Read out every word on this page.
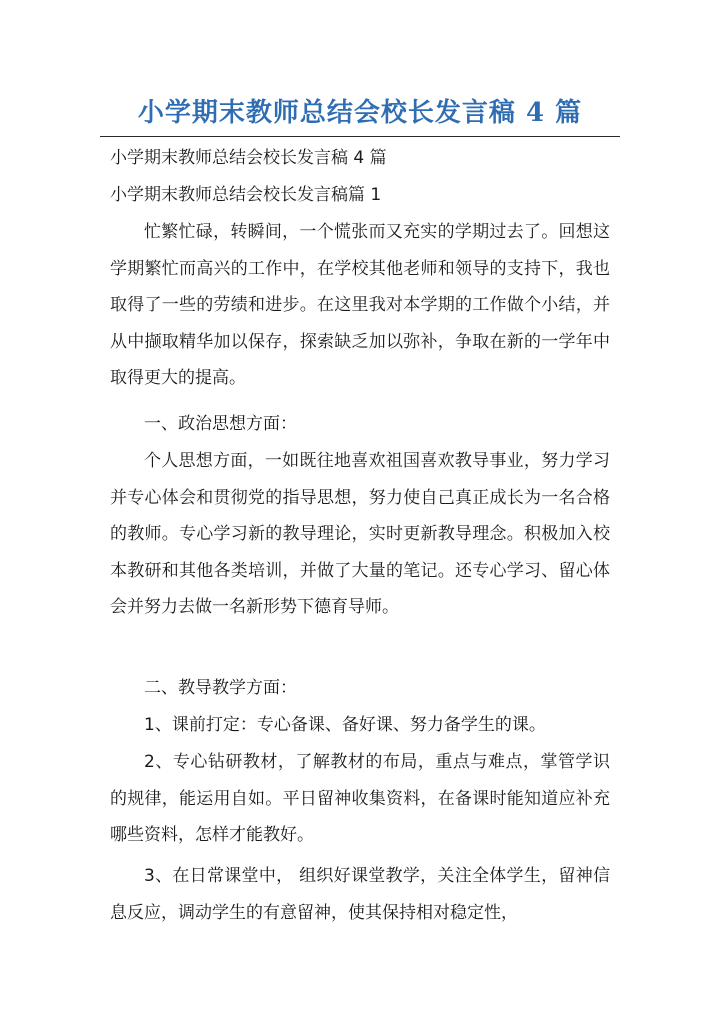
小学期末教师总结会校长发言稿 4 篇

小学期末教师总结会校长发言稿 4 篇

小学期末教师总结会校长发言稿篇 1

忙繁忙碌，转瞬间，一个慌张而又充实的学期过去了。回想这学期繁忙而高兴的工作中，在学校其他老师和领导的支持下，我也取得了一些的劳绩和进步。在这里我对本学期的工作做个小结，并从中撷取精华加以保存，探索缺乏加以弥补，争取在新的一学年中取得更大的提高。

一、政治思想方面：

个人思想方面，一如既往地喜欢祖国喜欢教导事业，努力学习并专心体会和贯彻党的指导思想，努力使自己真正成长为一名合格的教师。专心学习新的教导理论，实时更新教导理念。积极加入校本教研和其他各类培训，并做了大量的笔记。还专心学习、留心体会并努力去做一名新形势下德育导师。

二、教导教学方面：

1、课前打定：专心备课、备好课、努力备学生的课。

2、专心钻研教材，了解教材的布局，重点与难点，掌管学识的规律，能运用自如。平日留神收集资料，在备课时能知道应补充哪些资料，怎样才能教好。

3、在日常课堂中， 组织好课堂教学，关注全体学生，留神信息反应，调动学生的有意留神，使其保持相对稳定性，
